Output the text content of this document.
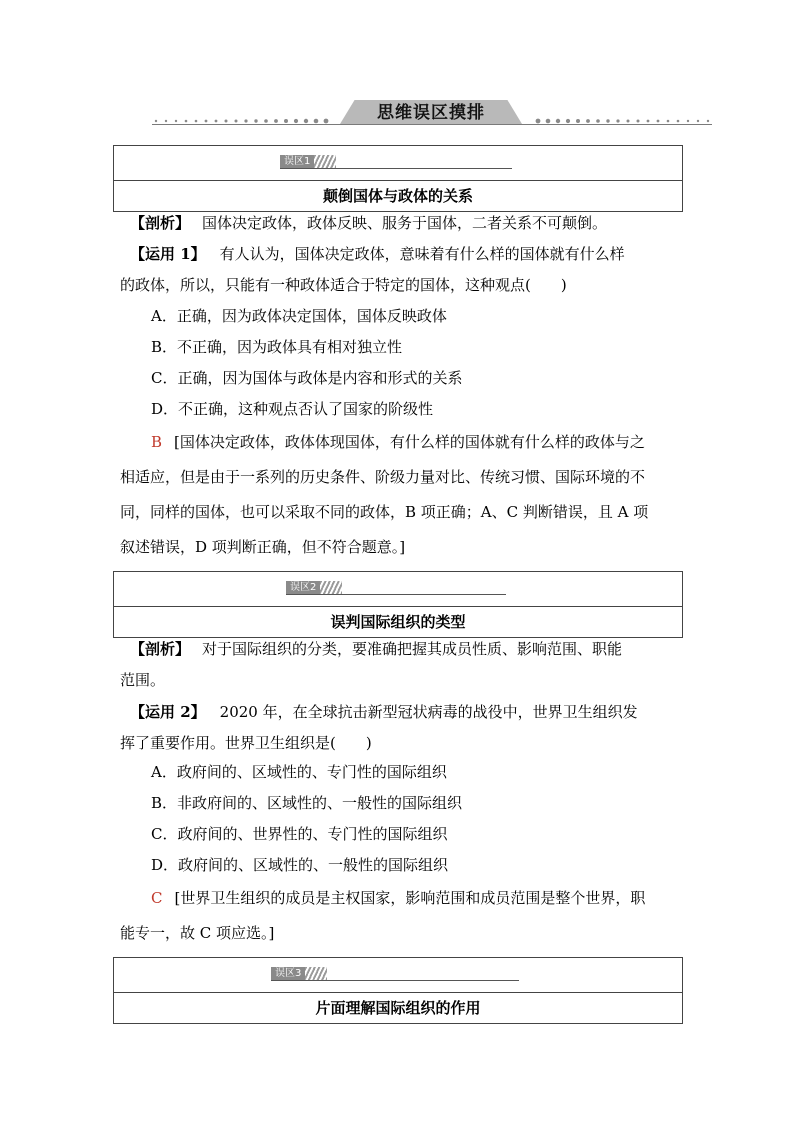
思维误区摸排
误区1
颠倒国体与政体的关系
【剖析】 国体决定政体，政体反映、服务于国体，二者关系不可颠倒。
【运用 1】 有人认为，国体决定政体，意味着有什么样的国体就有什么样
的政体，所以，只能有一种政体适合于特定的国体，这种观点(　　)
A．正确，因为政体决定国体，国体反映政体
B．不正确，因为政体具有相对独立性
C．正确，因为国体与政体是内容和形式的关系
D．不正确，这种观点否认了国家的阶级性
B [国体决定政体，政体体现国体，有什么样的国体就有什么样的政体与之
相适应，但是由于一系列的历史条件、阶级力量对比、传统习惯、国际环境的不
同，同样的国体，也可以采取不同的政体，B 项正确；A、C 判断错误，且 A 项
叙述错误，D 项判断正确，但不符合题意。]
误区2
误判国际组织的类型
【剖析】 对于国际组织的分类，要准确把握其成员性质、影响范围、职能
范围。
【运用 2】 2020 年，在全球抗击新型冠状病毒的战役中，世界卫生组织发
挥了重要作用。世界卫生组织是(　　)
A．政府间的、区域性的、专门性的国际组织
B．非政府间的、区域性的、一般性的国际组织
C．政府间的、世界性的、专门性的国际组织
D．政府间的、区域性的、一般性的国际组织
C [世界卫生组织的成员是主权国家，影响范围和成员范围是整个世界，职
能专一，故 C 项应选。]
误区3
片面理解国际组织的作用
